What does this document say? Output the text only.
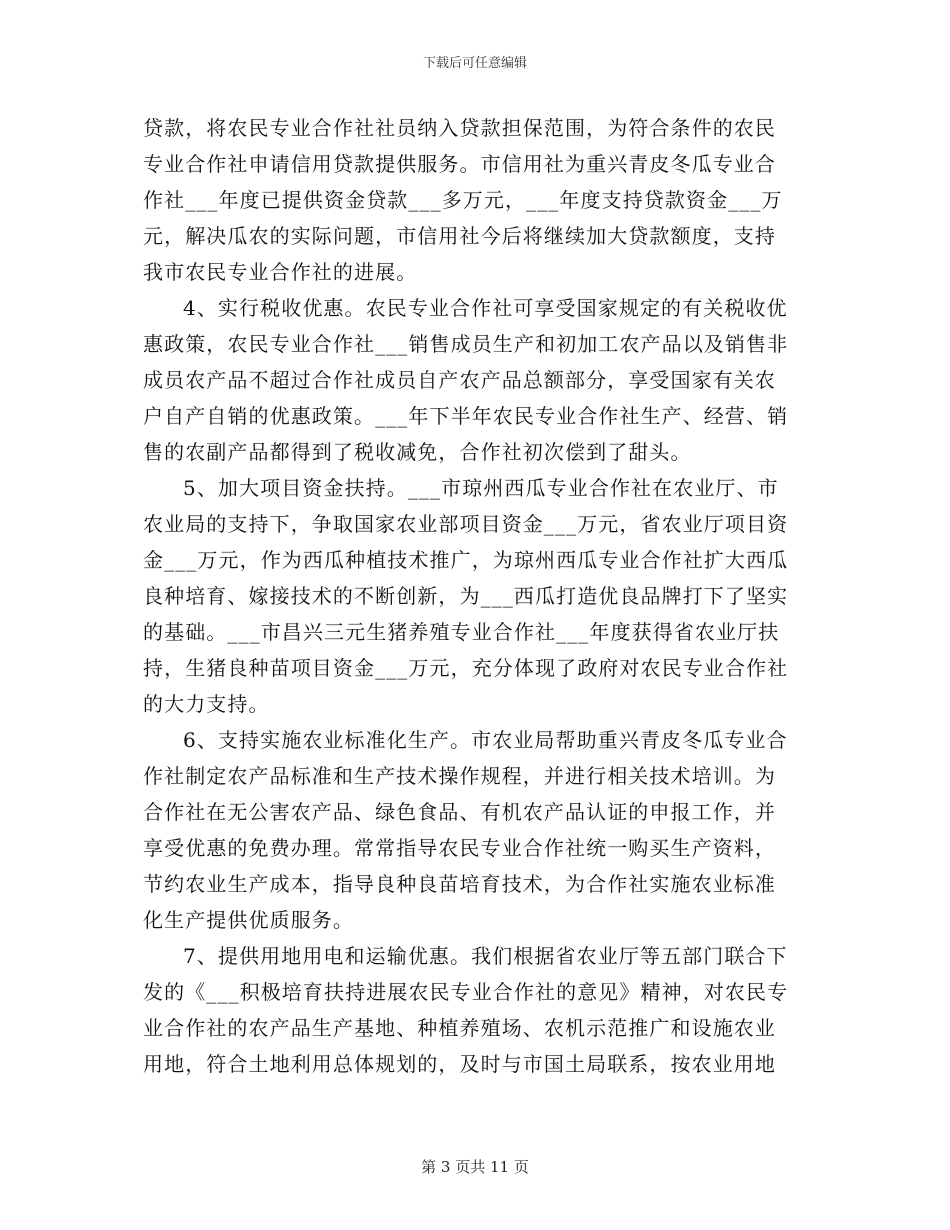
下载后可任意编辑
贷款，将农民专业合作社社员纳入贷款担保范围，为符合条件的农民
专业合作社申请信用贷款提供服务。市信用社为重兴青皮冬瓜专业合
作社___年度已提供资金贷款___多万元，___年度支持贷款资金___万
元，解决瓜农的实际问题，市信用社今后将继续加大贷款额度，支持
我市农民专业合作社的进展。
4、实行税收优惠。农民专业合作社可享受国家规定的有关税收优
惠政策，农民专业合作社___销售成员生产和初加工农产品以及销售非
成员农产品不超过合作社成员自产农产品总额部分，享受国家有关农
户自产自销的优惠政策。___年下半年农民专业合作社生产、经营、销
售的农副产品都得到了税收减免，合作社初次偿到了甜头。
5、加大项目资金扶持。___市琼州西瓜专业合作社在农业厅、市
农业局的支持下，争取国家农业部项目资金___万元，省农业厅项目资
金___万元，作为西瓜种植技术推广，为琼州西瓜专业合作社扩大西瓜
良种培育、嫁接技术的不断创新，为___西瓜打造优良品牌打下了坚实
的基础。___市昌兴三元生猪养殖专业合作社___年度获得省农业厅扶
持，生猪良种苗项目资金___万元，充分体现了政府对农民专业合作社
的大力支持。
6、支持实施农业标准化生产。市农业局帮助重兴青皮冬瓜专业合
作社制定农产品标准和生产技术操作规程，并进行相关技术培训。为
合作社在无公害农产品、绿色食品、有机农产品认证的申报工作，并
享受优惠的免费办理。常常指导农民专业合作社统一购买生产资料，
节约农业生产成本，指导良种良苗培育技术，为合作社实施农业标准
化生产提供优质服务。
7、提供用地用电和运输优惠。我们根据省农业厅等五部门联合下
发的《___积极培育扶持进展农民专业合作社的意见》精神，对农民专
业合作社的农产品生产基地、种植养殖场、农机示范推广和设施农业
用地，符合土地利用总体规划的，及时与市国土局联系，按农业用地
第 3 页共 11 页
